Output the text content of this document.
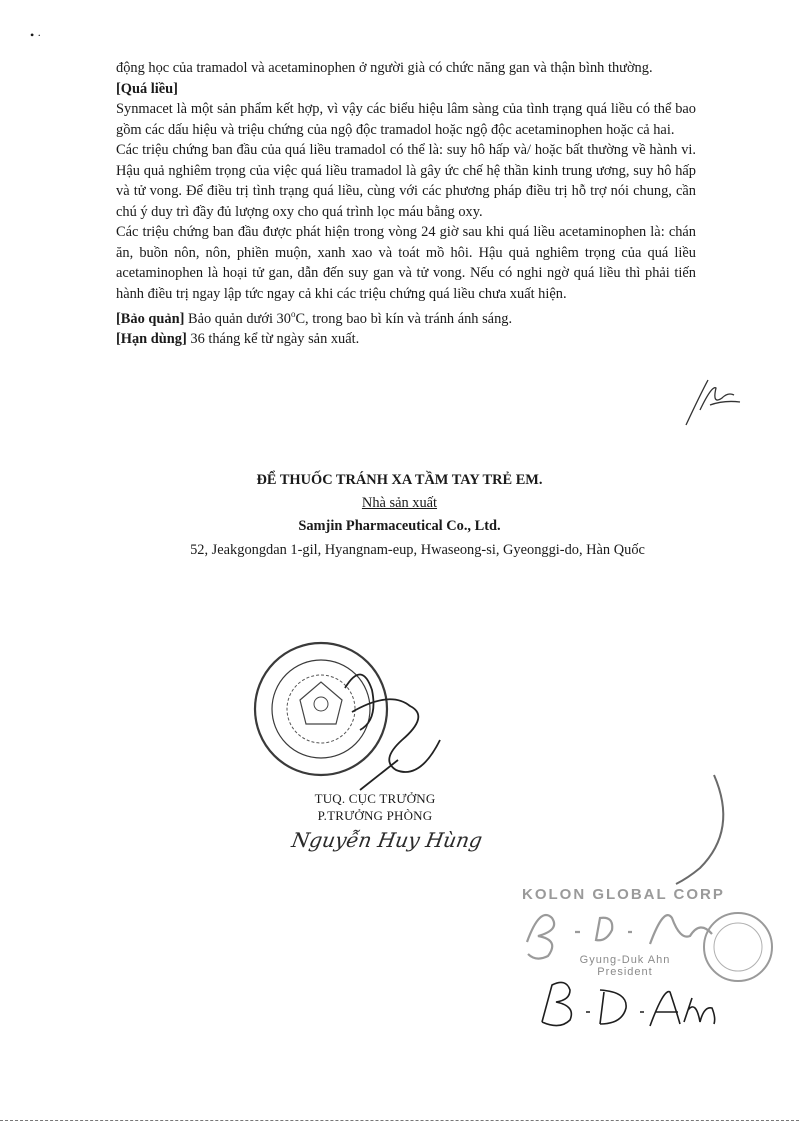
• ·

động học của tramadol và acetaminophen ở người già có chức năng gan và thận bình thường.

[Quá liều]

Synmacet là một sản phẩm kết hợp, vì vậy các biểu hiệu lâm sàng của tình trạng quá liều có thể bao gồm các dấu hiệu và triệu chứng của ngộ độc tramadol hoặc ngộ độc acetaminophen hoặc cả hai.

Các triệu chứng ban đầu của quá liều tramadol có thể là: suy hô hấp và/ hoặc bất thường về hành vi. Hậu quả nghiêm trọng của việc quá liều tramadol là gây ức chế hệ thần kinh trung ương, suy hô hấp và tử vong. Để điều trị tình trạng quá liều, cùng với các phương pháp điều trị hỗ trợ nói chung, cần chú ý duy trì đầy đủ lượng oxy cho quá trình lọc máu bằng oxy.

Các triệu chứng ban đầu được phát hiện trong vòng 24 giờ sau khi quá liều acetaminophen là: chán ăn, buồn nôn, nôn, phiền muộn, xanh xao và toát mồ hôi. Hậu quả nghiêm trọng của quá liều acetaminophen là hoại tử gan, dẫn đến suy gan và tử vong. Nếu có nghi ngờ quá liều thì phải tiến hành điều trị ngay lập tức ngay cả khi các triệu chứng quá liều chưa xuất hiện.

[Bảo quản] Bảo quản dưới 30$^o$C, trong bao bì kín và tránh ánh sáng.

[Hạn dùng] 36 tháng kể từ ngày sản xuất.

ĐỂ THUỐC TRÁNH XA TẦM TAY TRẺ EM.
Nhà sản xuất
Samjin Pharmaceutical Co., Ltd.
52, Jeakgongdan 1-gil, Hyangnam-eup, Hwaseong-si, Gyeonggi-do, Hàn Quốc
TUQ. CỤC TRƯỞNG
P.TRƯỞNG PHÒNG
Nguyễn Huy Hùng
KOLON GLOBAL CORP
Gyung-Duk Ahn
President
